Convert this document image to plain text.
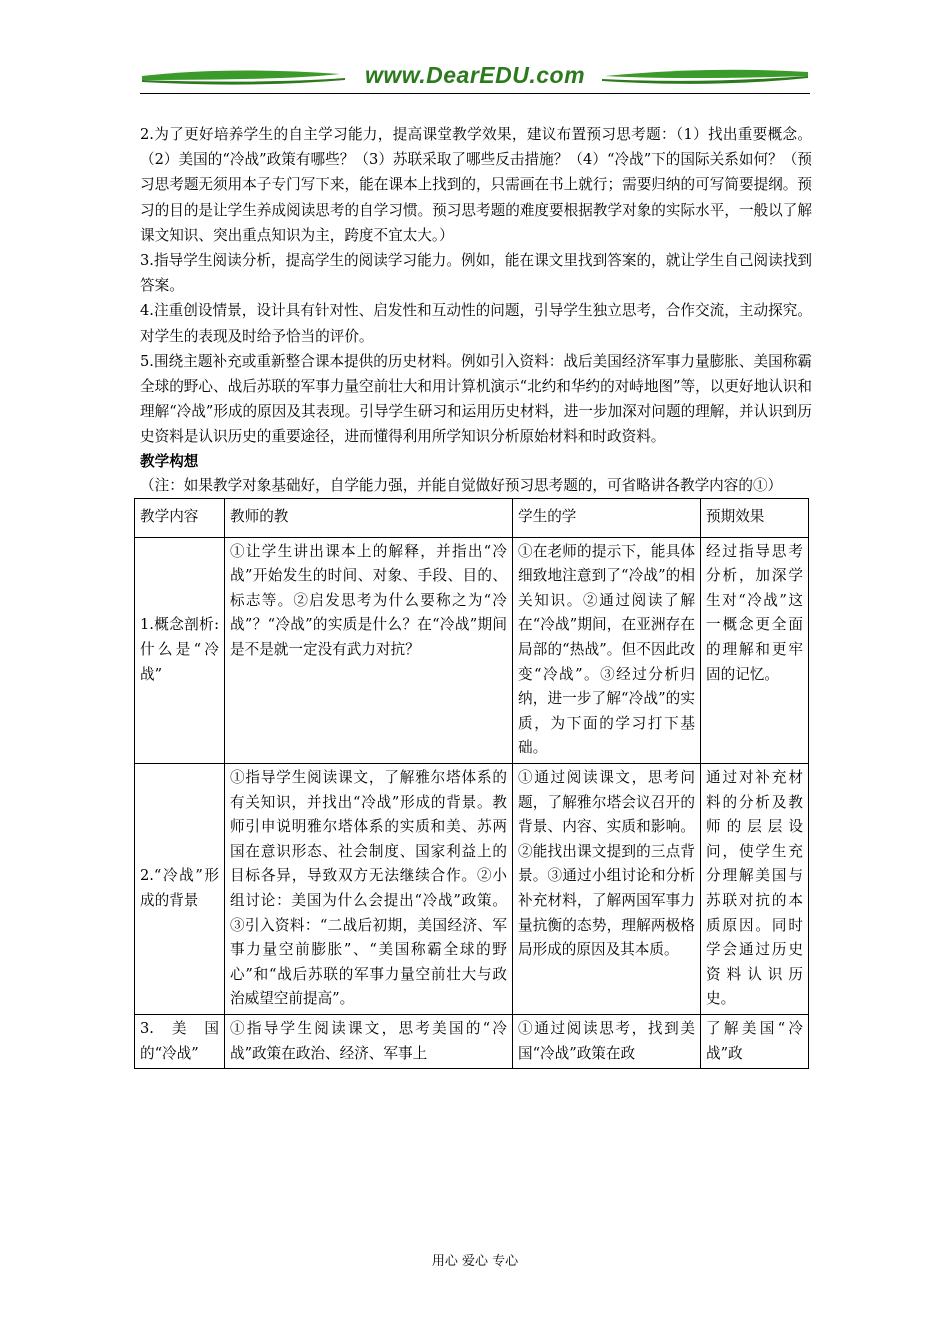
www.DearEDU.com

2.为了更好培养学生的自主学习能力，提高课堂教学效果，建议布置预习思考题：（1）找出重要概念。（2）美国的“冷战”政策有哪些？（3）苏联采取了哪些反击措施？（4）“冷战”下的国际关系如何？（预习思考题无须用本子专门写下来，能在课本上找到的，只需画在书上就行；需要归纳的可写简要提纲。预习的目的是让学生养成阅读思考的自学习惯。预习思考题的难度要根据教学对象的实际水平，一般以了解课文知识、突出重点知识为主，跨度不宜太大。）

3.指导学生阅读分析，提高学生的阅读学习能力。例如，能在课文里找到答案的，就让学生自己阅读找到答案。

4.注重创设情景，设计具有针对性、启发性和互动性的问题，引导学生独立思考，合作交流，主动探究。对学生的表现及时给予恰当的评价。

5.围绕主题补充或重新整合课本提供的历史材料。例如引入资料：战后美国经济军事力量膨胀、美国称霸全球的野心、战后苏联的军事力量空前壮大和用计算机演示“北约和华约的对峙地图”等，以更好地认识和理解“冷战”形成的原因及其表现。引导学生研习和运用历史材料，进一步加深对问题的理解，并认识到历史资料是认识历史的重要途径，进而懂得利用所学知识分析原始材料和时政资料。

教学构想

（注：如果教学对象基础好，自学能力强，并能自觉做好预习思考题的，可省略讲各教学内容的①）

教学内容	教师的教	学生的学	预期效果
1.概念剖析:什么是“冷战”	①让学生讲出课本上的解释，并指出“冷战”开始发生的时间、对象、手段、目的、标志等。②启发思考为什么要称之为“冷战”？“冷战”的实质是什么？在“冷战”期间是不是就一定没有武力对抗？	①在老师的提示下，能具体细致地注意到了“冷战”的相关知识。②通过阅读了解在“冷战”期间，在亚洲存在局部的“热战”。但不因此改变“冷战”。③经过分析归纳，进一步了解“冷战”的实质，为下面的学习打下基础。	经过指导思考分析，加深学生对“冷战”这一概念更全面的理解和更牢固的记忆。
2.“冷战”形成的背景	①指导学生阅读课文，了解雅尔塔体系的有关知识，并找出“冷战”形成的背景。教师引申说明雅尔塔体系的实质和美、苏两国在意识形态、社会制度、国家利益上的目标各异，导致双方无法继续合作。②小组讨论：美国为什么会提出“冷战”政策。③引入资料：“二战后初期，美国经济、军事力量空前膨胀”、“美国称霸全球的野心”和“战后苏联的军事力量空前壮大与政治威望空前提高”。	①通过阅读课文，思考问题，了解雅尔塔会议召开的背景、内容、实质和影响。②能找出课文提到的三点背景。③通过小组讨论和分析补充材料，了解两国军事力量抗衡的态势，理解两极格局形成的原因及其本质。	通过对补充材料的分析及教师的层层设问，使学生充分理解美国与苏联对抗的本质原因。同时学会通过历史资料认识历史。
3.美国的“冷战”	①指导学生阅读课文，思考美国的“冷战”政策在政治、经济、军事上	①通过阅读思考，找到美国“冷战”政策在政	了解美国“冷战”政
用心 爱心 专心
